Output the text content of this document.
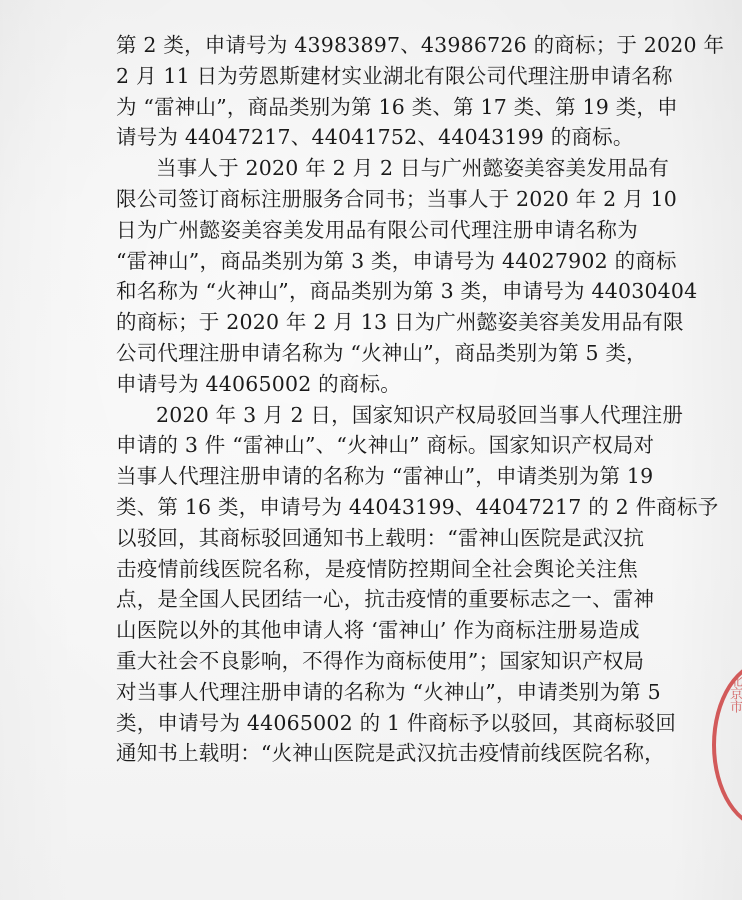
第 2 类，申请号为 43983897、43986726 的商标；于 2020 年
2 月 11 日为劳恩斯建材实业湖北有限公司代理注册申请名称
为 “雷神山”，商品类别为第 16 类、第 17 类、第 19 类，申
请号为 44047217、44041752、44043199 的商标。
当事人于 2020 年 2 月 2 日与广州懿姿美容美发用品有
限公司签订商标注册服务合同书；当事人于 2020 年 2 月 10
日为广州懿姿美容美发用品有限公司代理注册申请名称为
“雷神山”，商品类别为第 3 类，申请号为 44027902 的商标
和名称为 “火神山”，商品类别为第 3 类，申请号为 44030404
的商标；于 2020 年 2 月 13 日为广州懿姿美容美发用品有限
公司代理注册申请名称为 “火神山”，商品类别为第 5 类，
申请号为 44065002 的商标。
2020 年 3 月 2 日，国家知识产权局驳回当事人代理注册
申请的 3 件 “雷神山”、“火神山” 商标。国家知识产权局对
当事人代理注册申请的名称为 “雷神山”，申请类别为第 19
类、第 16 类，申请号为 44043199、44047217 的 2 件商标予
以驳回，其商标驳回通知书上载明：“雷神山医院是武汉抗
击疫情前线医院名称，是疫情防控期间全社会舆论关注焦
点，是全国人民团结一心，抗击疫情的重要标志之一、雷神
山医院以外的其他申请人将 ‘雷神山’ 作为商标注册易造成
重大社会不良影响，不得作为商标使用”；国家知识产权局
对当事人代理注册申请的名称为 “火神山”，申请类别为第 5
类，申请号为 44065002 的 1 件商标予以驳回，其商标驳回
通知书上载明：“火神山医院是武汉抗击疫情前线医院名称，
北京市
